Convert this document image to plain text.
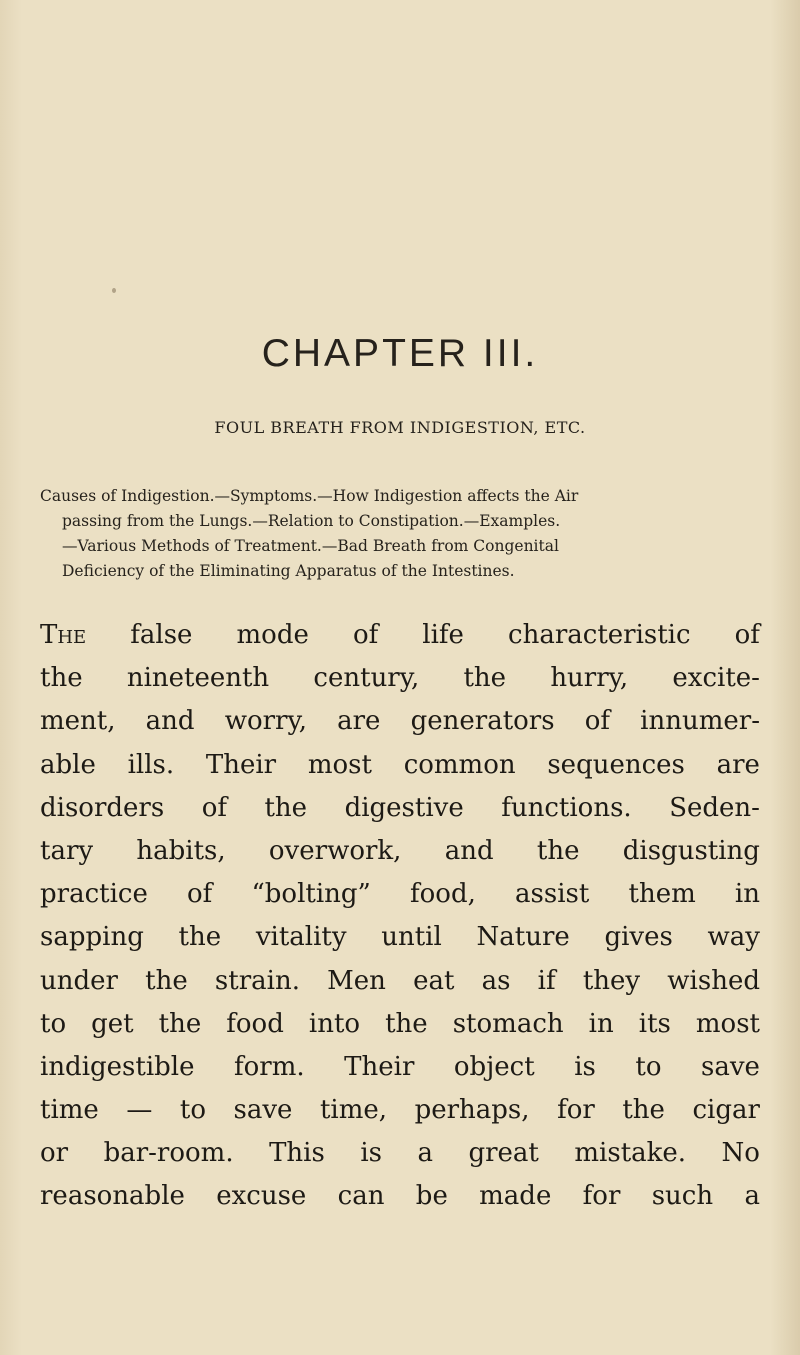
CHAPTER III.
FOUL BREATH FROM INDIGESTION, ETC.
Causes of Indigestion.—Symptoms.—How Indigestion affects the Air
passing from the Lungs.—Relation to Constipation.—Examples.
—Various Methods of Treatment.—Bad Breath from Congenital
Deficiency of the Eliminating Apparatus of the Intestines.
The false mode of life characteristic of
the nineteenth century, the hurry, excite-
ment, and worry, are generators of innumer-
able ills. Their most common sequences are
disorders of the digestive functions. Seden-
tary habits, overwork, and the disgusting
practice of “bolting” food, assist them in
sapping the vitality until Nature gives way
under the strain. Men eat as if they wished
to get the food into the stomach in its most
indigestible form. Their object is to save
time — to save time, perhaps, for the cigar
or bar-room. This is a great mistake. No
reasonable excuse can be made for such a
